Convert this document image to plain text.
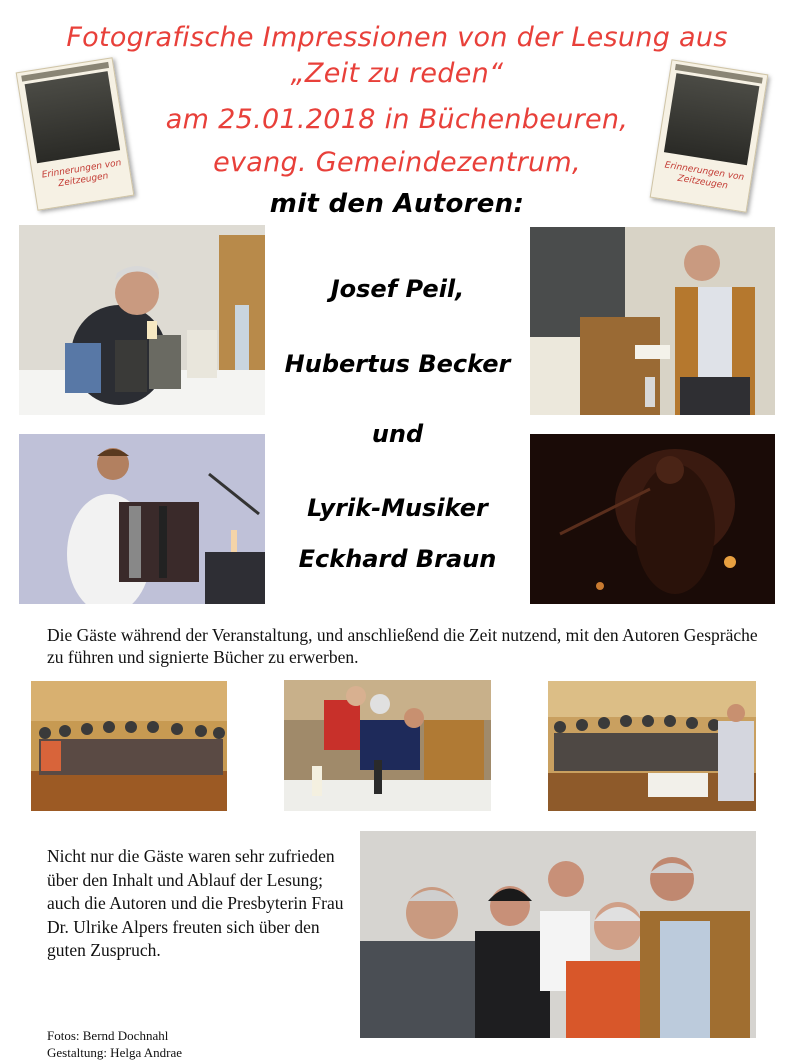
Fotografische Impressionen von der Lesung aus
„Zeit zu reden“
am 25.01.2018 in Büchenbeuren,
evang. Gemeindezentrum,
mit den Autoren:
Erinnerungen von Zeitzeugen	Erinnerungen von Zeitzeugen
Josef Peil,
Hubertus Becker
und
Lyrik-Musiker
Eckhard Braun
Die Gäste während der Veranstaltung, und anschließend die Zeit nutzend, mit den Autoren Gespräche zu führen und signierte Bücher zu erwerben.
Nicht nur die Gäste waren sehr zufrieden über den Inhalt und Ablauf der Lesung; auch die Autoren und die Presbyterin Frau Dr. Ulrike Alpers freuten sich über den guten Zuspruch.
Fotos: Bernd Dochnahl
Gestaltung: Helga Andrae
